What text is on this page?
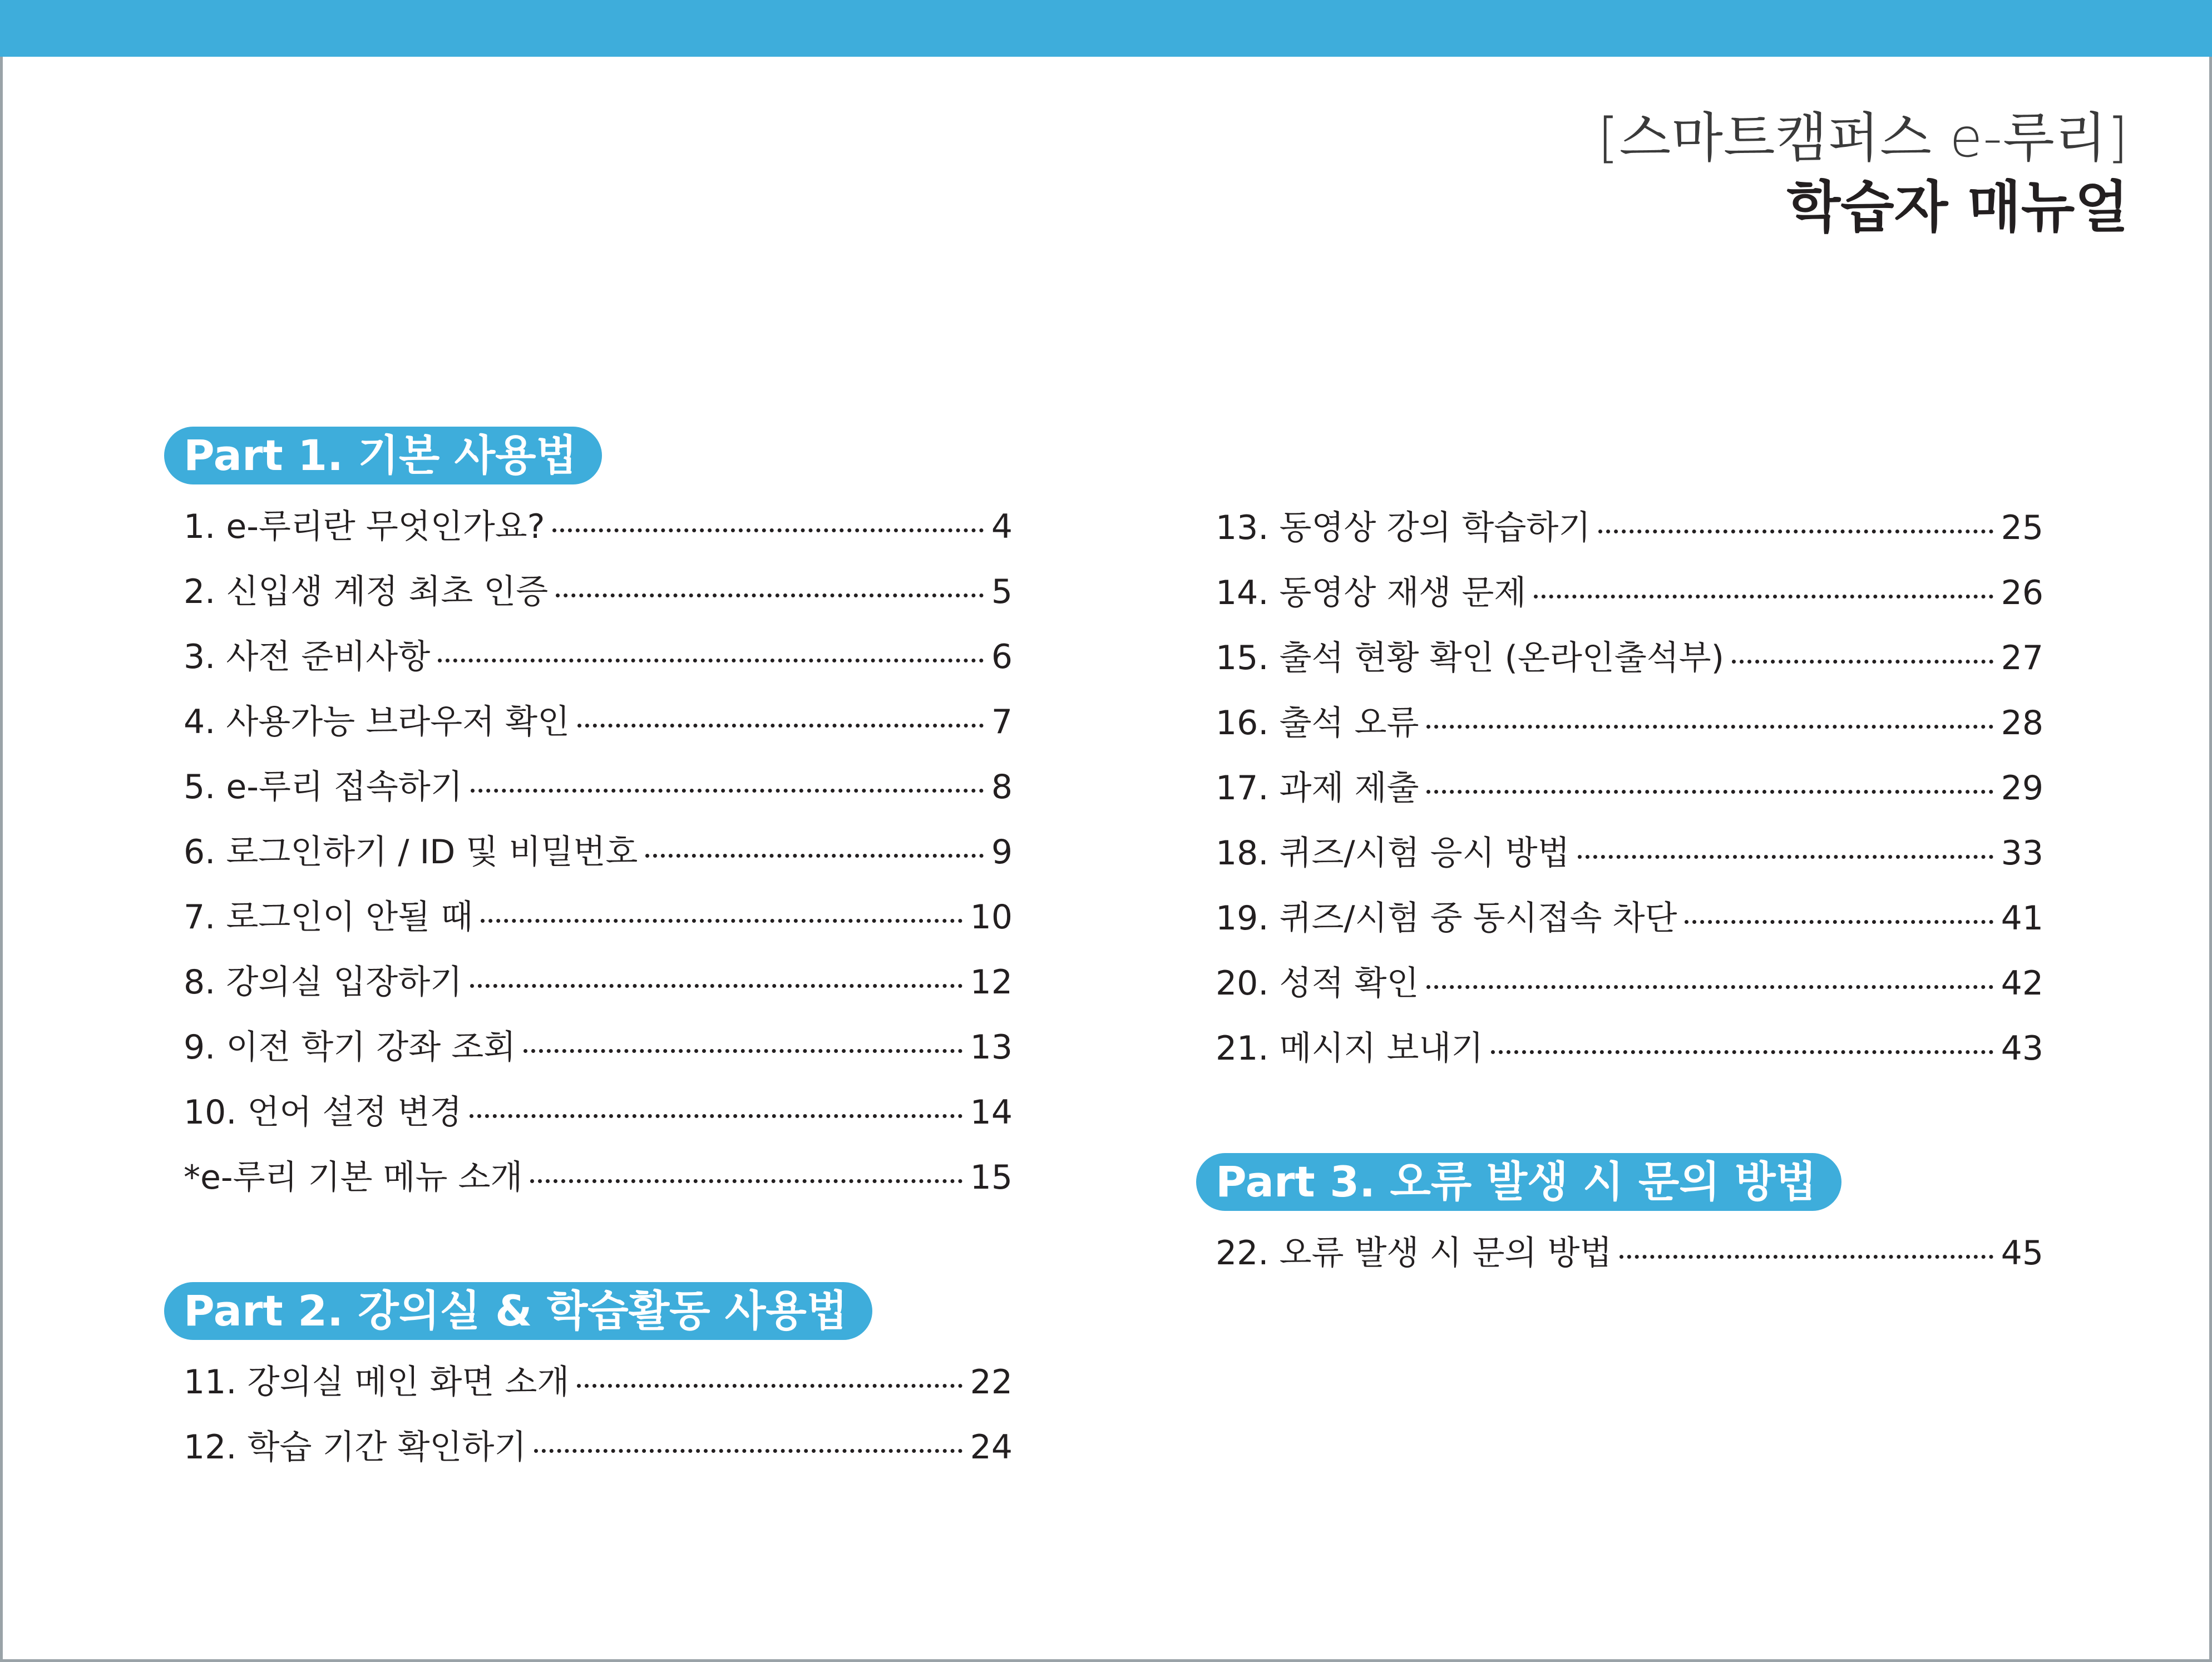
[스마트캠퍼스 e-루리]
학습자 매뉴얼
Part 1. 기본 사용법
1. e-루리란 무엇인가요?	4
2. 신입생 계정 최초 인증	5
3. 사전 준비사항	6
4. 사용가능 브라우저 확인	7
5. e-루리 접속하기	8
6. 로그인하기 / ID 및 비밀번호	9
7. 로그인이 안될 때	10
8. 강의실 입장하기	12
9. 이전 학기 강좌 조회	13
10. 언어 설정 변경	14
*e-루리 기본 메뉴 소개	15
Part 2. 강의실 & 학습활동 사용법
11. 강의실 메인 화면 소개	22
12. 학습 기간 확인하기	24
13. 동영상 강의 학습하기	25
14. 동영상 재생 문제	26
15. 출석 현황 확인 (온라인출석부)	27
16. 출석 오류	28
17. 과제 제출	29
18. 퀴즈/시험 응시 방법	33
19. 퀴즈/시험 중 동시접속 차단	41
20. 성적 확인	42
21. 메시지 보내기	43
Part 3. 오류 발생 시 문의 방법
22. 오류 발생 시 문의 방법	45
